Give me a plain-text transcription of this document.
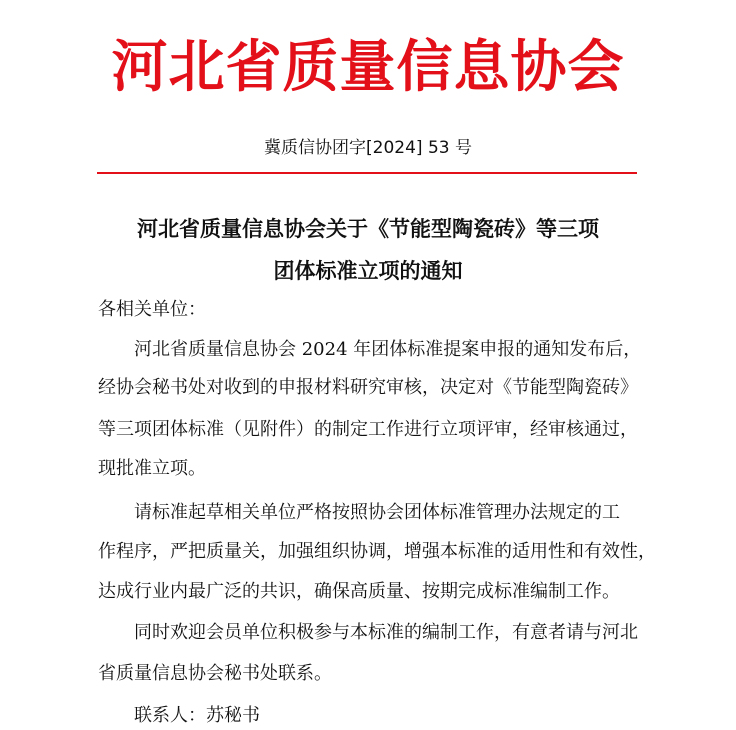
河北省质量信息协会
冀质信协团字[2024] 53 号
河北省质量信息协会关于《节能型陶瓷砖》等三项
团体标准立项的通知
各相关单位：
河北省质量信息协会 2024 年团体标准提案申报的通知发布后，
经协会秘书处对收到的申报材料研究审核，决定对《节能型陶瓷砖》
等三项团体标准（见附件）的制定工作进行立项评审，经审核通过，
现批准立项。
请标准起草相关单位严格按照协会团体标准管理办法规定的工
作程序，严把质量关，加强组织协调，增强本标准的适用性和有效性，
达成行业内最广泛的共识，确保高质量、按期完成标准编制工作。
同时欢迎会员单位积极参与本标准的编制工作，有意者请与河北
省质量信息协会秘书处联系。
联系人：苏秘书
